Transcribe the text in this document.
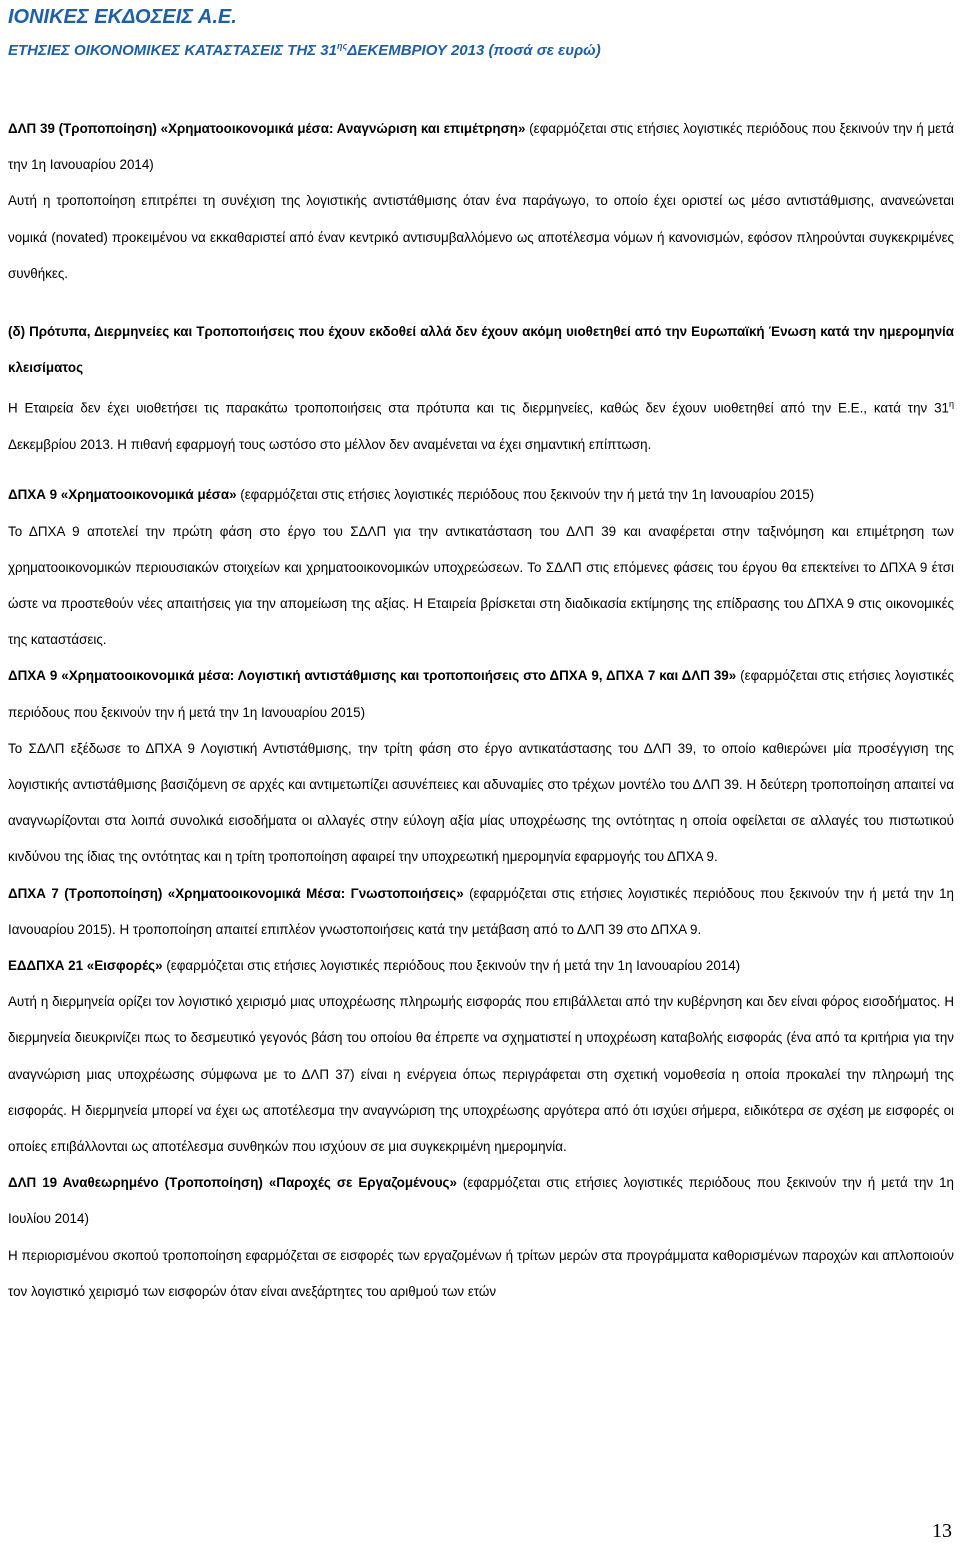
ΙΟΝΙΚΕΣ ΕΚΔΟΣΕΙΣ Α.Ε.
ΕΤΗΣΙΕΣ ΟΙΚΟΝΟΜΙΚΕΣ ΚΑΤΑΣΤΑΣΕΙΣ ΤΗΣ $31^{\eta\varsigma}\Delta EKEMBPIO\Upsilon$ 2013 (ποσά σε ευρώ)

ΔΛΠ 39 (Τροποποίηση) «Χρηματοοικονομικά μέσα: Αναγνώριση και επιμέτρηση» (εφαρμόζεται στις ετήσιες λογιστικές περιόδους που ξεκινούν την ή μετά την 1η Ιανουαρίου 2014)

Αυτή η τροποποίηση επιτρέπει τη συνέχιση της λογιστικής αντιστάθμισης όταν ένα παράγωγο, το οποίο έχει οριστεί ως μέσο αντιστάθμισης, ανανεώνεται νομικά (novated) προκειμένου να εκκαθαριστεί από έναν κεντρικό αντισυμβαλλόμενο ως αποτέλεσμα νόμων ή κανονισμών, εφόσον πληρούνται συγκεκριμένες συνθήκες.

(δ) Πρότυπα, Διερμηνείες και Τροποποιήσεις που έχουν εκδοθεί αλλά δεν έχουν ακόμη υιοθετηθεί από την Ευρωπαϊκή Ένωση κατά την ημερομηνία κλεισίματος

Η Εταιρεία δεν έχει υιοθετήσει τις παρακάτω τροποποιήσεις στα πρότυπα και τις διερμηνείες, καθώς δεν έχουν υιοθετηθεί από την Ε.Ε., κατά την $31^\eta$ Δεκεμβρίου 2013. Η πιθανή εφαρμογή τους ωστόσο στο μέλλον δεν αναμένεται να έχει σημαντική επίπτωση.

ΔΠΧΑ 9 «Χρηματοοικονομικά μέσα» (εφαρμόζεται στις ετήσιες λογιστικές περιόδους που ξεκινούν την ή μετά την 1η Ιανουαρίου 2015)

Το ΔΠΧΑ 9 αποτελεί την πρώτη φάση στο έργο του ΣΔΛΠ για την αντικατάσταση του ΔΛΠ 39 και αναφέρεται στην ταξινόμηση και επιμέτρηση των χρηματοοικονομικών περιουσιακών στοιχείων και χρηματοοικονομικών υποχρεώσεων. Το ΣΔΛΠ στις επόμενες φάσεις του έργου θα επεκτείνει το ΔΠΧΑ 9 έτσι ώστε να προστεθούν νέες απαιτήσεις για την απομείωση της αξίας. Η Εταιρεία βρίσκεται στη διαδικασία εκτίμησης της επίδρασης του ΔΠΧΑ 9 στις οικονομικές της καταστάσεις.

ΔΠΧΑ 9 «Χρηματοοικονομικά μέσα: Λογιστική αντιστάθμισης και τροποποιήσεις στο ΔΠΧΑ 9, ΔΠΧΑ 7 και ΔΛΠ 39» (εφαρμόζεται στις ετήσιες λογιστικές περιόδους που ξεκινούν την ή μετά την 1η Ιανουαρίου 2015)

Το ΣΔΛΠ εξέδωσε το ΔΠΧΑ 9 Λογιστική Αντιστάθμισης, την τρίτη φάση στο έργο αντικατάστασης του ΔΛΠ 39, το οποίο καθιερώνει μία προσέγγιση της λογιστικής αντιστάθμισης βασιζόμενη σε αρχές και αντιμετωπίζει ασυνέπειες και αδυναμίες στο τρέχων μοντέλο του ΔΛΠ 39. Η δεύτερη τροποποίηση απαιτεί να αναγνωρίζονται στα λοιπά συνολικά εισοδήματα οι αλλαγές στην εύλογη αξία μίας υποχρέωσης της οντότητας η οποία οφείλεται σε αλλαγές του πιστωτικού κινδύνου της ίδιας της οντότητας και η τρίτη τροποποίηση αφαιρεί την υποχρεωτική ημερομηνία εφαρμογής του ΔΠΧΑ 9.

ΔΠΧΑ 7 (Τροποποίηση) «Χρηματοοικονομικά Μέσα: Γνωστοποιήσεις» (εφαρμόζεται στις ετήσιες λογιστικές περιόδους που ξεκινούν την ή μετά την 1η Ιανουαρίου 2015). Η τροποποίηση απαιτεί επιπλέον γνωστοποιήσεις κατά την μετάβαση από το ΔΛΠ 39 στο ΔΠΧΑ 9.

ΕΔΔΠΧΑ 21 «Εισφορές» (εφαρμόζεται στις ετήσιες λογιστικές περιόδους που ξεκινούν την ή μετά την 1η Ιανουαρίου 2014)

Αυτή η διερμηνεία ορίζει τον λογιστικό χειρισμό μιας υποχρέωσης πληρωμής εισφοράς που επιβάλλεται από την κυβέρνηση και δεν είναι φόρος εισοδήματος. Η διερμηνεία διευκρινίζει πως το δεσμευτικό γεγονός βάση του οποίου θα έπρεπε να σχηματιστεί η υποχρέωση καταβολής εισφοράς (ένα από τα κριτήρια για την αναγνώριση μιας υποχρέωσης σύμφωνα με το ΔΛΠ 37) είναι η ενέργεια όπως περιγράφεται στη σχετική νομοθεσία η οποία προκαλεί την πληρωμή της εισφοράς. Η διερμηνεία μπορεί να έχει ως αποτέλεσμα την αναγνώριση της υποχρέωσης αργότερα από ότι ισχύει σήμερα, ειδικότερα σε σχέση με εισφορές οι οποίες επιβάλλονται ως αποτέλεσμα συνθηκών που ισχύουν σε μια συγκεκριμένη ημερομηνία.

ΔΛΠ 19 Αναθεωρημένο (Τροποποίηση) «Παροχές σε Εργαζομένους» (εφαρμόζεται στις ετήσιες λογιστικές περιόδους που ξεκινούν την ή μετά την 1η Ιουλίου 2014)

Η περιορισμένου σκοπού τροποποίηση εφαρμόζεται σε εισφορές των εργαζομένων ή τρίτων μερών στα προγράμματα καθορισμένων παροχών και απλοποιούν τον λογιστικό χειρισμό των εισφορών όταν είναι ανεξάρτητες του αριθμού των ετών

13
